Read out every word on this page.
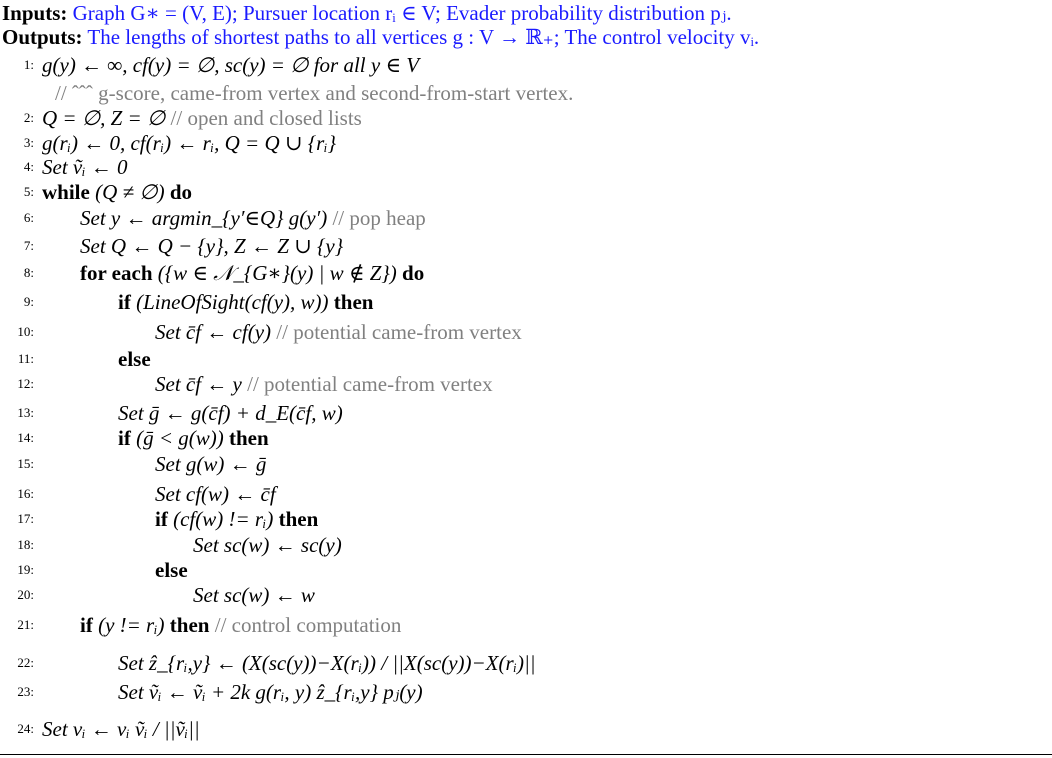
Inputs: Graph G∗ = (V, E); Pursuer location rᵢ ∈ V; Evader probability distribution pⱼ.
Outputs: The lengths of shortest paths to all vertices g : V → ℝ₊; The control velocity vᵢ.
1: g(y) ← ∞, cf(y) = ∅, sc(y) = ∅ for all y ∈ V
// ˆˆˆ g-score, came-from vertex and second-from-start vertex.
2: Q = ∅, Z = ∅ // open and closed lists
3: g(rᵢ) ← 0, cf(rᵢ) ← rᵢ, Q = Q ∪ {rᵢ}
4: Set ṽᵢ ← 0
5: while (Q ≠ ∅) do
6: Set y ← argmin_{y′∈Q} g(y′) // pop heap
7: Set Q ← Q − {y}, Z ← Z ∪ {y}
8: for each ({w ∈ 𝒩_{G∗}(y) | w ∉ Z}) do
9:	if (LineOfSight(cf(y), w)) then
10:	Set c̄f ← cf(y) // potential came-from vertex
11:	else
12:	Set c̄f ← y // potential came-from vertex
13:	Set ḡ ← g(c̄f) + d_E(c̄f, w)
14:	if (ḡ < g(w)) then
15:	Set g(w) ← ḡ
16:	Set cf(w) ← c̄f
17:	if (cf(w) != rᵢ) then
18:	Set sc(w) ← sc(y)
19:	else
20:	Set sc(w) ← w
21: if (y != rᵢ) then // control computation
22:	Set ẑ_{rᵢ,y} ← (X(sc(y))−X(rᵢ)) / ||X(sc(y))−X(rᵢ)||
23:	Set ṽᵢ ← ṽᵢ + 2k g(rᵢ, y) ẑ_{rᵢ,y} pⱼ(y)
24: Set vᵢ ← vᵢ ṽᵢ / ||ṽᵢ||
